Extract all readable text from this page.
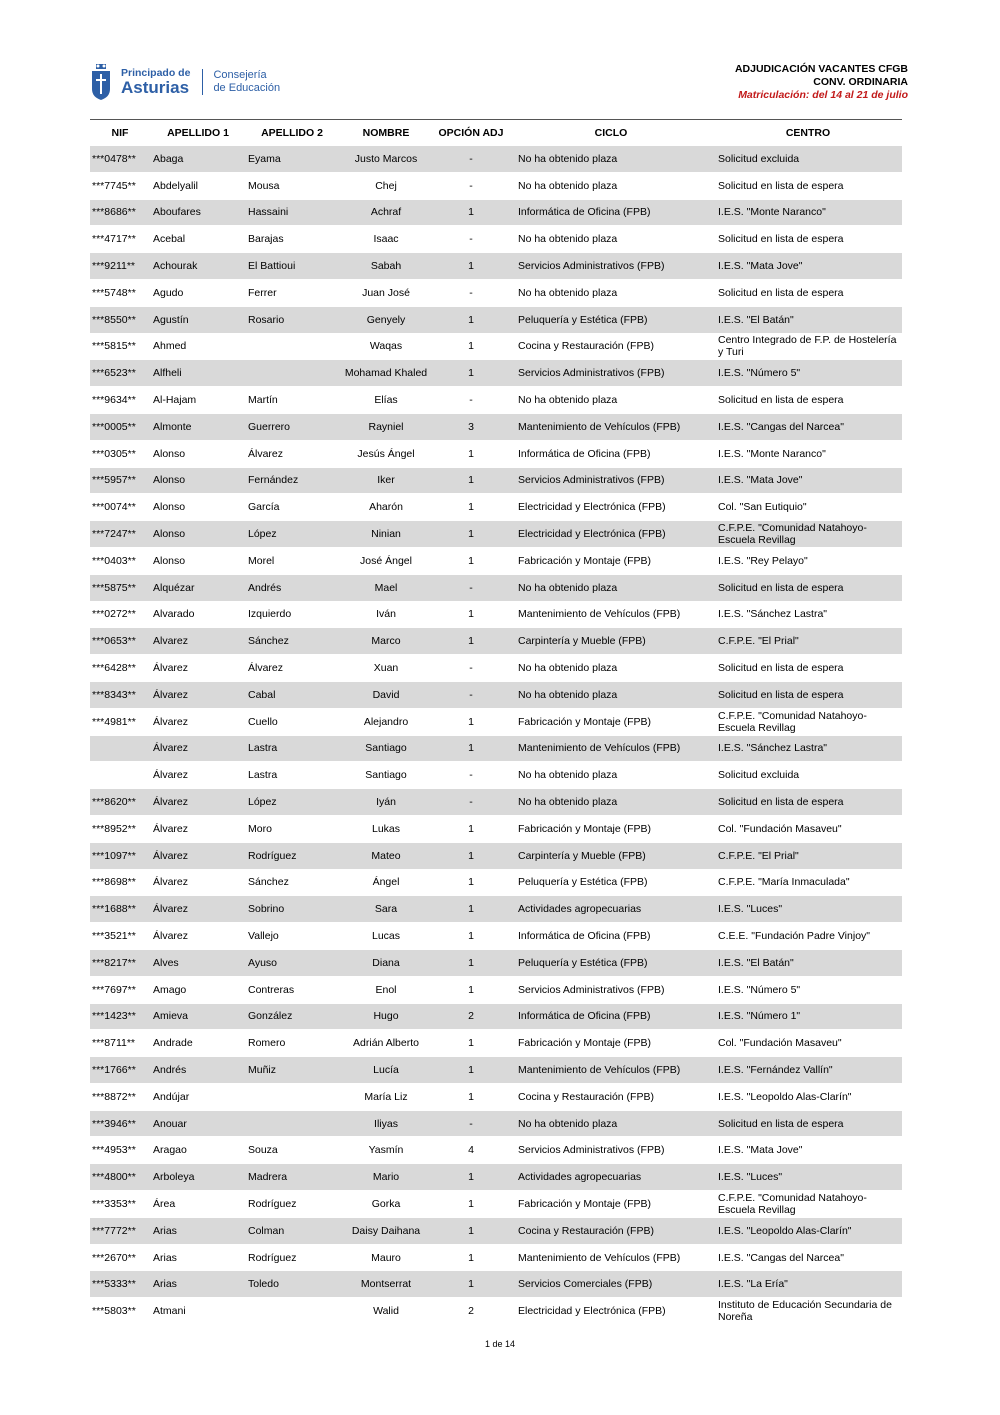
Principado de
Asturias
Consejería
de Educación
ADJUDICACIÓN VACANTES CFGB
CONV. ORDINARIA
Matriculación: del 14 al 21 de julio
NIF	APELLIDO 1	APELLIDO 2	NOMBRE	OPCIÓN ADJ	CICLO	CENTRO
***0478**	Abaga	Eyama	Justo Marcos	-	No ha obtenido plaza	Solicitud excluida
***7745**	Abdelyalil	Mousa	Chej	-	No ha obtenido plaza	Solicitud en lista de espera
***8686**	Aboufares	Hassaini	Achraf	1	Informática de Oficina (FPB)	I.E.S. "Monte Naranco"
***4717**	Acebal	Barajas	Isaac	-	No ha obtenido plaza	Solicitud en lista de espera
***9211**	Achourak	El Battioui	Sabah	1	Servicios Administrativos (FPB)	I.E.S. "Mata Jove"
***5748**	Agudo	Ferrer	Juan José	-	No ha obtenido plaza	Solicitud en lista de espera
***8550**	Agustín	Rosario	Genyely	1	Peluquería y Estética (FPB)	I.E.S. "El Batán"
***5815**	Ahmed		Waqas	1	Cocina y Restauración (FPB)	Centro Integrado de F.P. de Hostelería y Turi
***6523**	Alfheli		Mohamad Khaled	1	Servicios Administrativos (FPB)	I.E.S. "Número 5"
***9634**	Al-Hajam	Martín	Elías	-	No ha obtenido plaza	Solicitud en lista de espera
***0005**	Almonte	Guerrero	Rayniel	3	Mantenimiento de Vehículos (FPB)	I.E.S. "Cangas del Narcea"
***0305**	Alonso	Álvarez	Jesús Ángel	1	Informática de Oficina (FPB)	I.E.S. "Monte Naranco"
***5957**	Alonso	Fernández	Iker	1	Servicios Administrativos (FPB)	I.E.S. "Mata Jove"
***0074**	Alonso	García	Aharón	1	Electricidad y Electrónica (FPB)	Col. "San Eutiquio"
***7247**	Alonso	López	Ninian	1	Electricidad y Electrónica (FPB)	C.F.P.E. "Comunidad Natahoyo-Escuela Revillag
***0403**	Alonso	Morel	José Ángel	1	Fabricación y Montaje (FPB)	I.E.S. "Rey Pelayo"
***5875**	Alquézar	Andrés	Mael	-	No ha obtenido plaza	Solicitud en lista de espera
***0272**	Alvarado	Izquierdo	Iván	1	Mantenimiento de Vehículos (FPB)	I.E.S. "Sánchez Lastra"
***0653**	Alvarez	Sánchez	Marco	1	Carpintería y Mueble (FPB)	C.F.P.E. "El Prial"
***6428**	Álvarez	Álvarez	Xuan	-	No ha obtenido plaza	Solicitud en lista de espera
***8343**	Álvarez	Cabal	David	-	No ha obtenido plaza	Solicitud en lista de espera
***4981**	Álvarez	Cuello	Alejandro	1	Fabricación y Montaje (FPB)	C.F.P.E. "Comunidad Natahoyo-Escuela Revillag
	Álvarez	Lastra	Santiago	1	Mantenimiento de Vehículos (FPB)	I.E.S. "Sánchez Lastra"
	Álvarez	Lastra	Santiago	-	No ha obtenido plaza	Solicitud excluida
***8620**	Álvarez	López	Iyán	-	No ha obtenido plaza	Solicitud en lista de espera
***8952**	Álvarez	Moro	Lukas	1	Fabricación y Montaje (FPB)	Col. "Fundación Masaveu"
***1097**	Álvarez	Rodríguez	Mateo	1	Carpintería y Mueble (FPB)	C.F.P.E. "El Prial"
***8698**	Álvarez	Sánchez	Ángel	1	Peluquería y Estética (FPB)	C.F.P.E. "María Inmaculada"
***1688**	Álvarez	Sobrino	Sara	1	Actividades agropecuarias	I.E.S. "Luces"
***3521**	Álvarez	Vallejo	Lucas	1	Informática de Oficina (FPB)	C.E.E. "Fundación Padre Vinjoy"
***8217**	Alves	Ayuso	Diana	1	Peluquería y Estética (FPB)	I.E.S. "El Batán"
***7697**	Amago	Contreras	Enol	1	Servicios Administrativos (FPB)	I.E.S. "Número 5"
***1423**	Amieva	González	Hugo	2	Informática de Oficina (FPB)	I.E.S. "Número 1"
***8711**	Andrade	Romero	Adrián Alberto	1	Fabricación y Montaje (FPB)	Col. "Fundación Masaveu"
***1766**	Andrés	Muñiz	Lucía	1	Mantenimiento de Vehículos (FPB)	I.E.S. "Fernández Vallín"
***8872**	Andújar		María Liz	1	Cocina y Restauración (FPB)	I.E.S. "Leopoldo Alas-Clarín"
***3946**	Anouar		Iliyas	-	No ha obtenido plaza	Solicitud en lista de espera
***4953**	Aragao	Souza	Yasmín	4	Servicios Administrativos (FPB)	I.E.S. "Mata Jove"
***4800**	Arboleya	Madrera	Mario	1	Actividades agropecuarias	I.E.S. "Luces"
***3353**	Área	Rodríguez	Gorka	1	Fabricación y Montaje (FPB)	C.F.P.E. "Comunidad Natahoyo-Escuela Revillag
***7772**	Arias	Colman	Daisy Daihana	1	Cocina y Restauración (FPB)	I.E.S. "Leopoldo Alas-Clarín"
***2670**	Arias	Rodríguez	Mauro	1	Mantenimiento de Vehículos (FPB)	I.E.S. "Cangas del Narcea"
***5333**	Arias	Toledo	Montserrat	1	Servicios Comerciales (FPB)	I.E.S. "La Ería"
***5803**	Atmani		Walid	2	Electricidad y Electrónica (FPB)	Instituto de Educación Secundaria de Noreña
1 de 14
